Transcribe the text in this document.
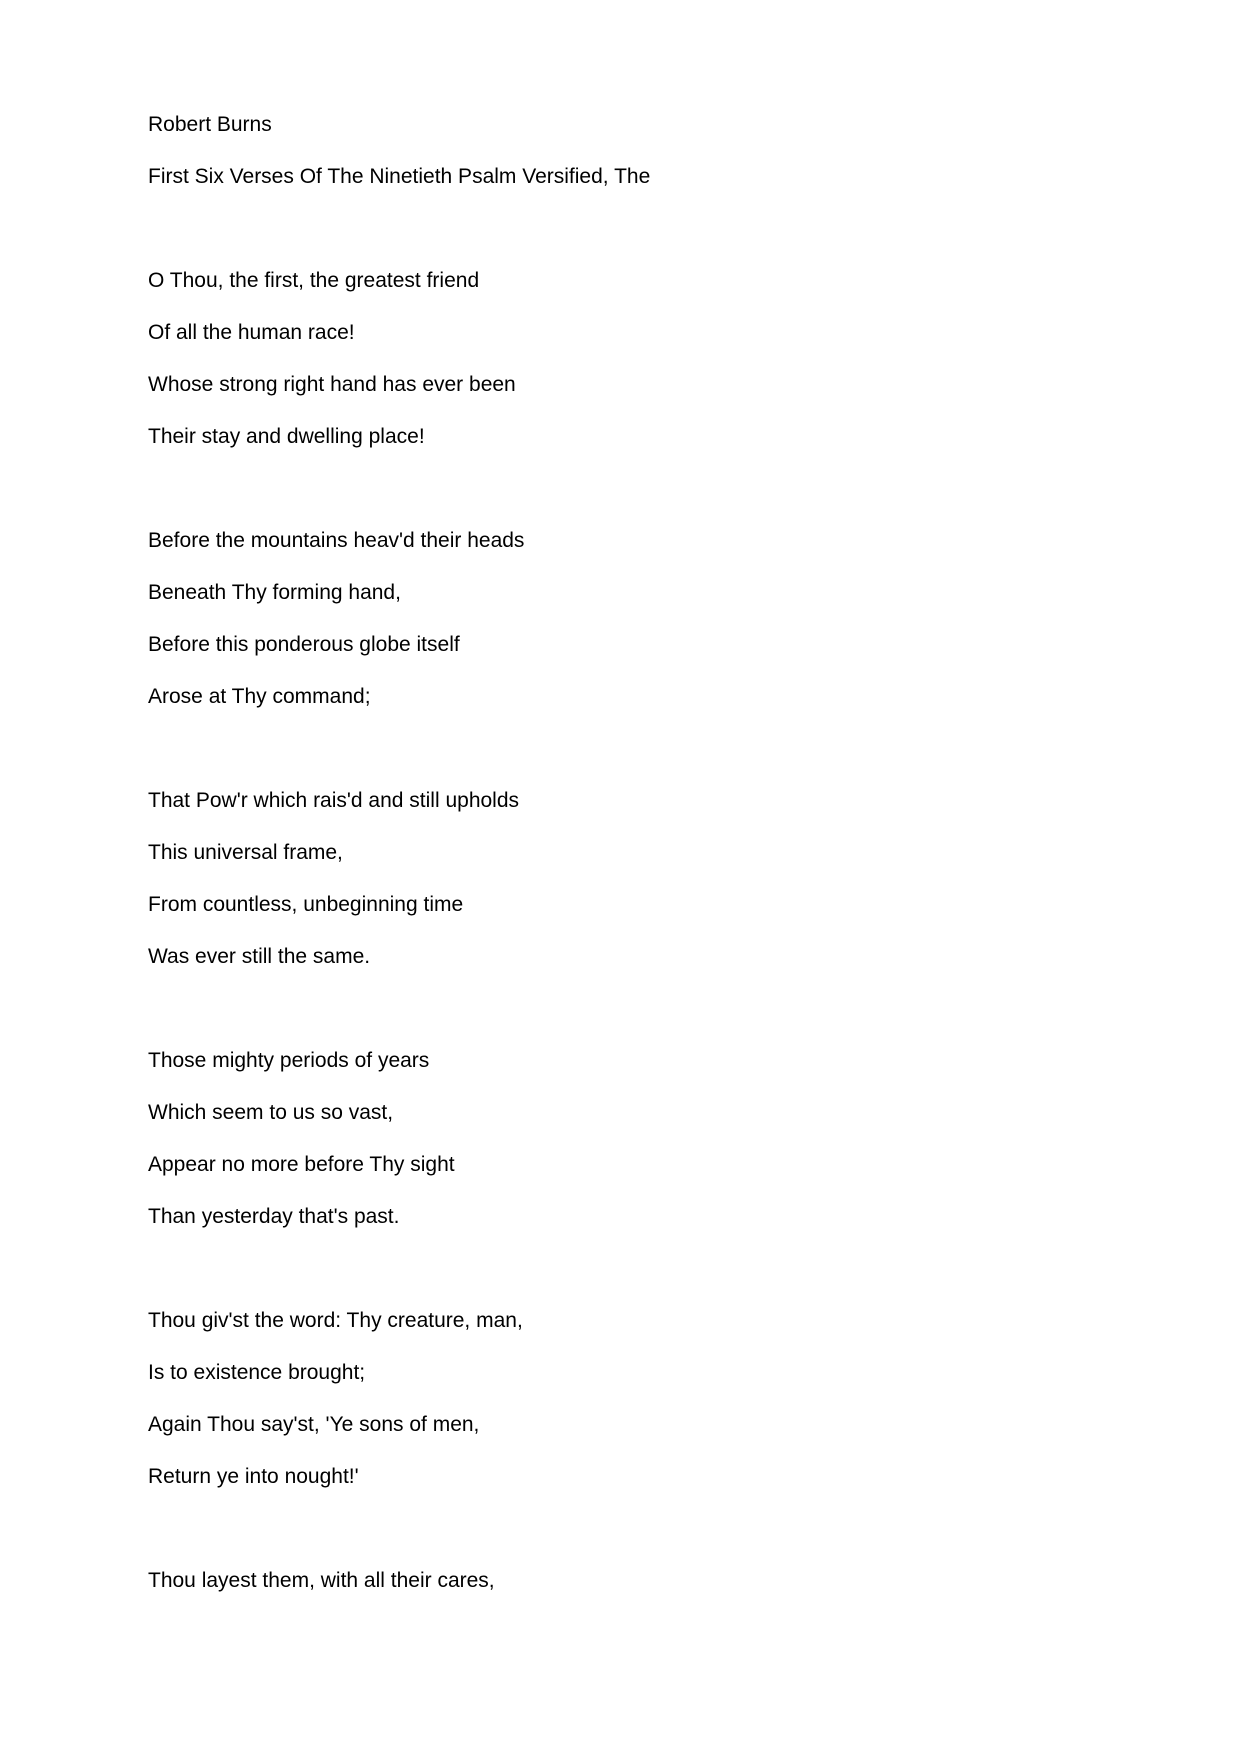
Robert Burns
First Six Verses Of The Ninetieth Psalm Versified, The
O Thou, the first, the greatest friend
Of all the human race!
Whose strong right hand has ever been
Their stay and dwelling place!
Before the mountains heav'd their heads
Beneath Thy forming hand,
Before this ponderous globe itself
Arose at Thy command;
That Pow'r which rais'd and still upholds
This universal frame,
From countless, unbeginning time
Was ever still the same.
Those mighty periods of years
Which seem to us so vast,
Appear no more before Thy sight
Than yesterday that's past.
Thou giv'st the word: Thy creature, man,
Is to existence brought;
Again Thou say'st, 'Ye sons of men,
Return ye into nought!'
Thou layest them, with all their cares,
